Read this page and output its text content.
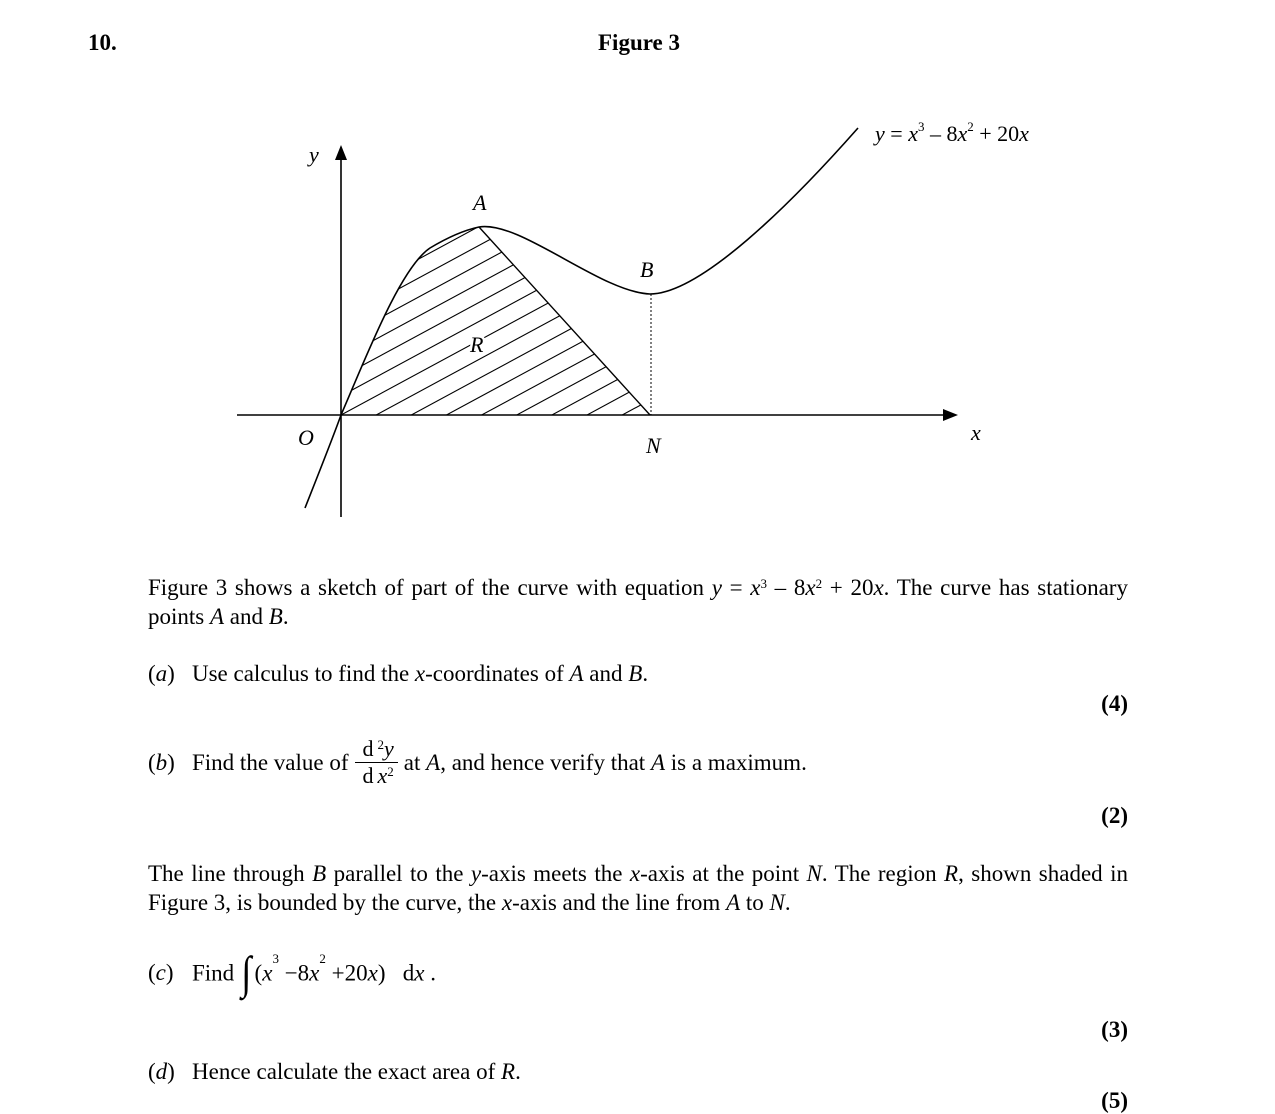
10.	Figure 3
y
x
O
A
B
N
R
$y = x^3 - 8x^2 + 20x$
Figure 3 shows a sketch of part of the curve with equation $y = x^3 - 8x^2 + 20x$. The curve has stationary points A and B.
(a) Use calculus to find the x-coordinates of A and B.
(4)
(b) Find the value of $\frac{d ^2y}{d x^2}$ at A, and hence verify that A is a maximum.
(2)
The line through B parallel to the y-axis meets the x-axis at the point N. The region R, shown shaded in Figure 3, is bounded by the curve, the x-axis and the line from A to N.
(c) Find ∫ $(x^3 -8x^2 +20x)$ dx .
(3)
(d) Hence calculate the exact area of R.
(5)
